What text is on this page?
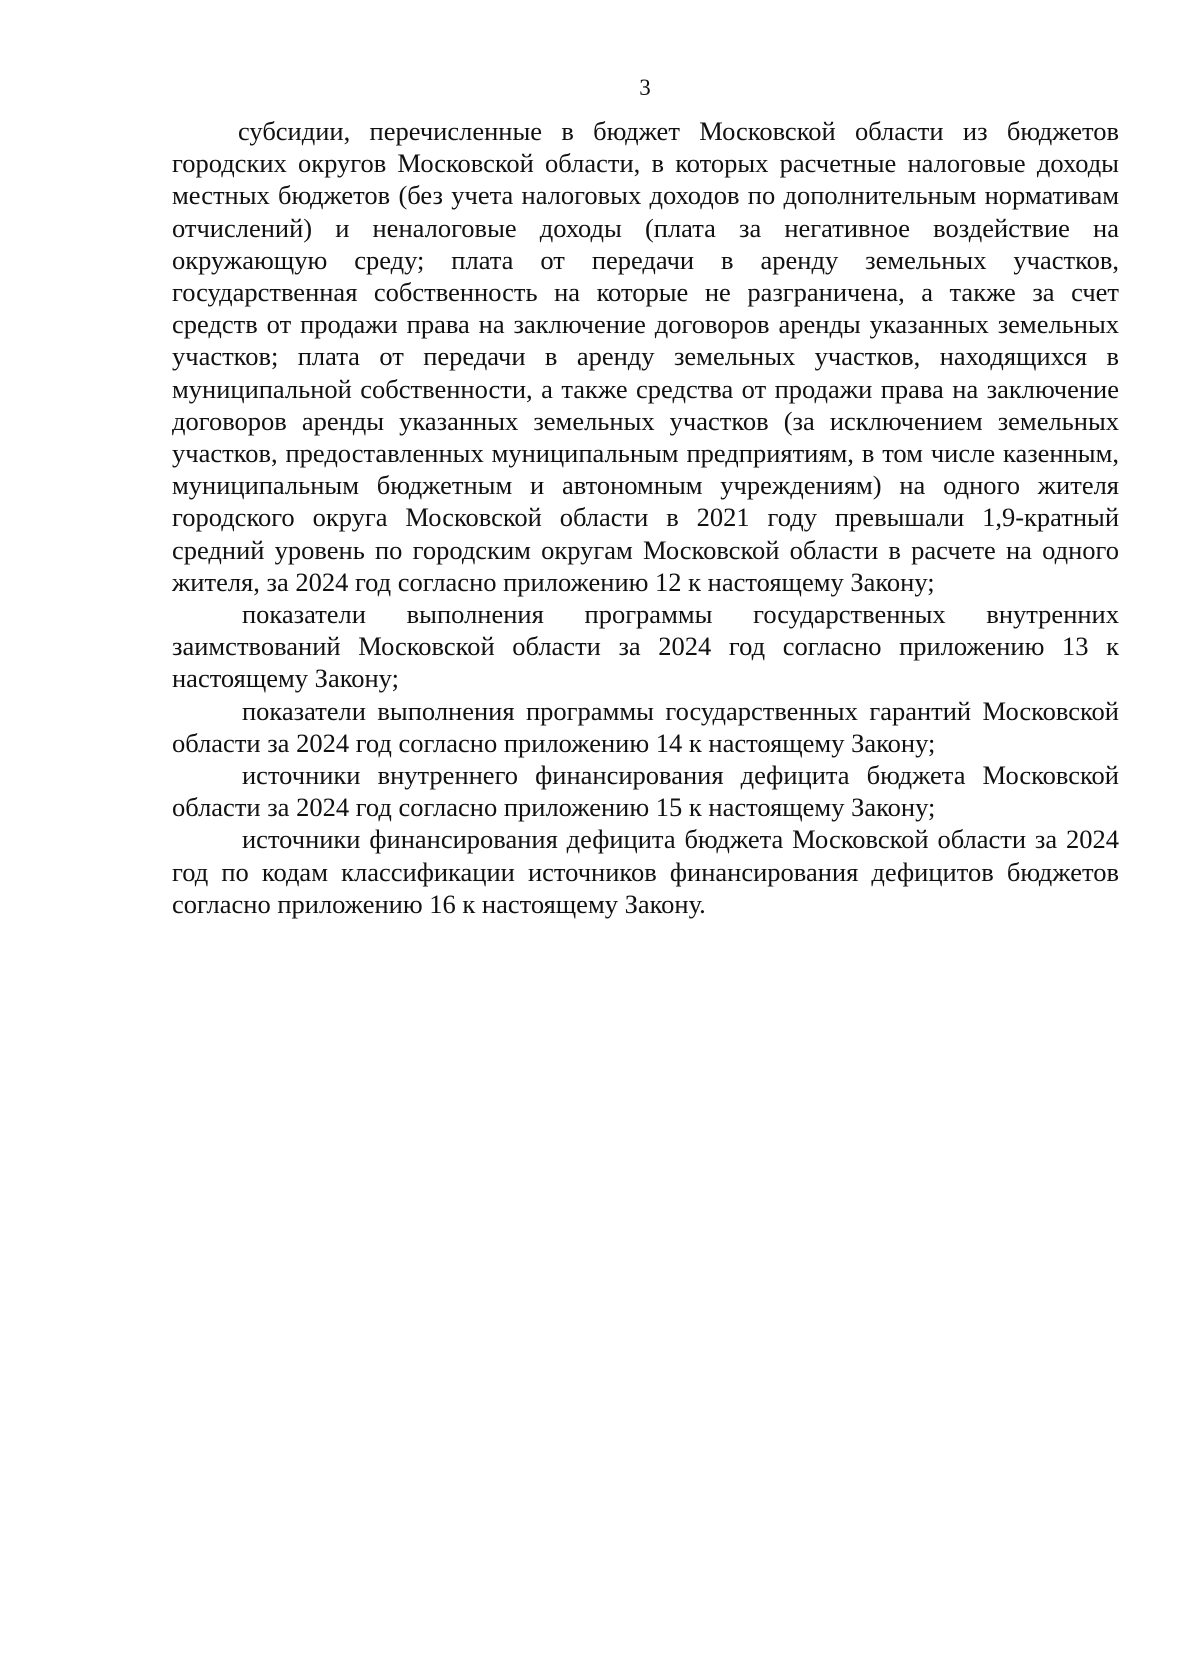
3

субсидии, перечисленные в бюджет Московской области из бюджетов городских округов Московской области, в которых расчетные налоговые доходы местных бюджетов (без учета налоговых доходов по дополнительным нормативам отчислений) и неналоговые доходы (плата за негативное воздействие на окружающую среду; плата от передачи в аренду земельных участков, государственная собственность на которые не разграничена, а также за счет средств от продажи права на заключение договоров аренды указанных земельных участков; плата от передачи в аренду земельных участков, находящихся в муниципальной собственности, а также средства от продажи права на заключение договоров аренды указанных земельных участков (за исключением земельных участков, предоставленных муниципальным предприятиям, в том числе казенным, муниципальным бюджетным и автономным учреждениям) на одного жителя городского округа Московской области в 2021 году превышали 1,9-кратный средний уровень по городским округам Московской области в расчете на одного жителя, за 2024 год согласно приложению 12 к настоящему Закону;

показатели выполнения программы государственных внутренних заимствований Московской области за 2024 год согласно приложению 13 к настоящему Закону;

показатели выполнения программы государственных гарантий Московской области за 2024 год согласно приложению 14 к настоящему Закону;

источники внутреннего финансирования дефицита бюджета Московской области за 2024 год согласно приложению 15 к настоящему Закону;

источники финансирования дефицита бюджета Московской области за 2024 год по кодам классификации источников финансирования дефицитов бюджетов согласно приложению 16 к настоящему Закону.
